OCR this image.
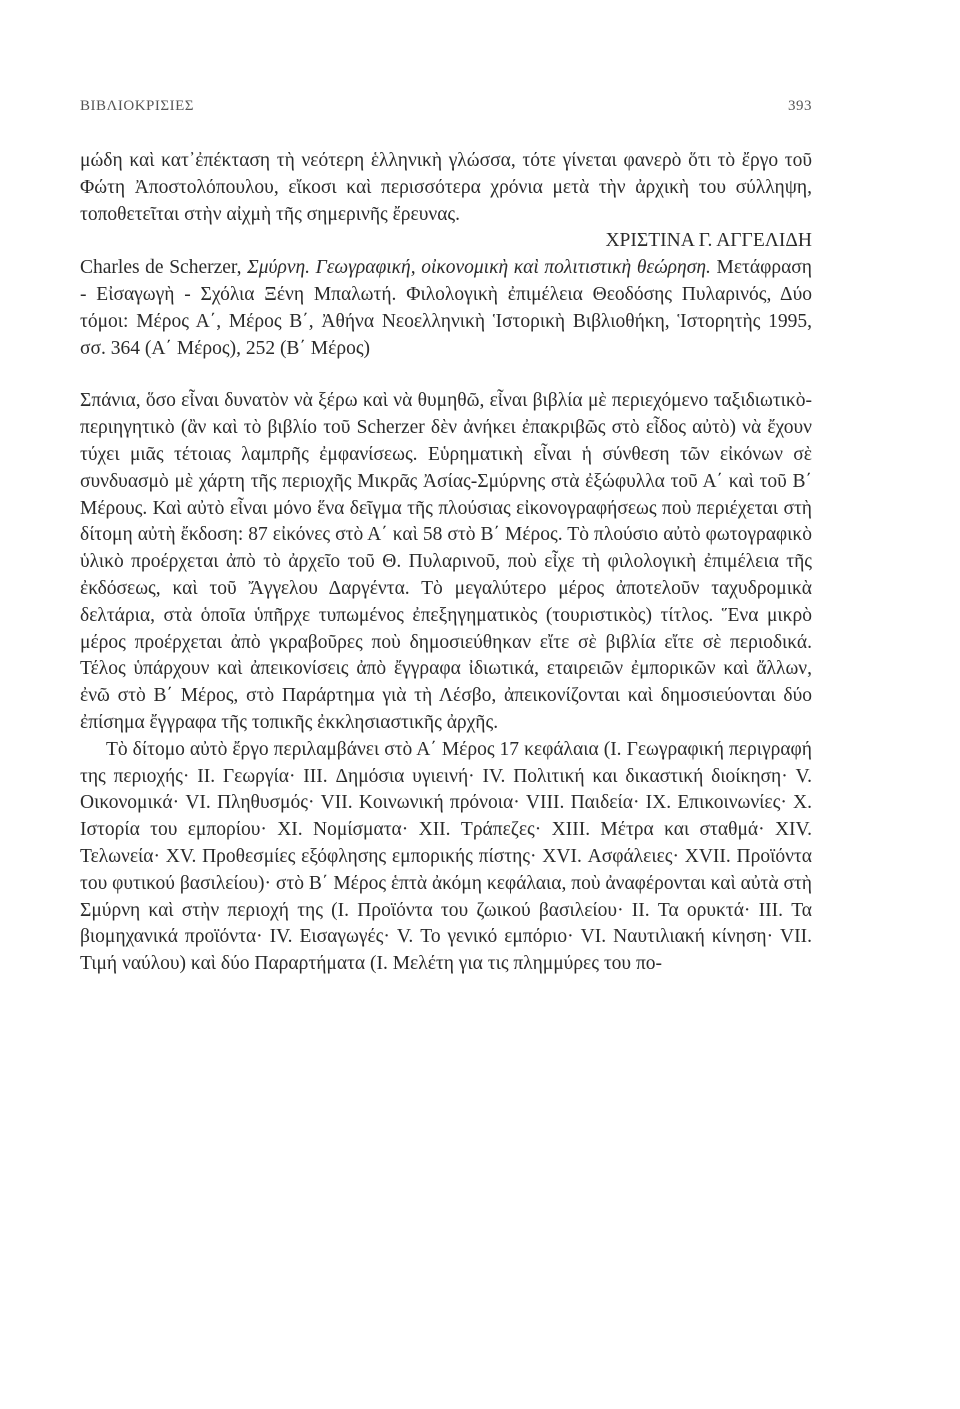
ΒΙΒΛΙΟΚΡΙΣΙΕΣ	393

μώδη καὶ κατ᾽ἐπέκταση τὴ νεότερη ἑλληνικὴ γλώσσα, τότε γίνεται φανερὸ ὅτι τὸ ἔργο τοῦ Φώτη Ἀποστολόπουλου, εἴκοσι καὶ περισσότερα χρόνια μετὰ τὴν ἀρχικὴ του σύλληψη, τοποθετεῖται στὴν αἰχμὴ τῆς σημερινῆς ἔρευνας.

ΧΡΙΣΤΙΝΑ Γ. ΑΓΓΕΛΙΔΗ

Charles de Scherzer, Σμύρνη. Γεωγραφική, οἰκονομικὴ καὶ πολιτιστικὴ θεώρηση. Μετάφραση - Εἰσαγωγὴ - Σχόλια Ξένη Μπαλωτή. Φιλολογικὴ ἐπιμέλεια Θεοδόσης Πυλαρινός, Δύο τόμοι: Μέρος Α΄, Μέρος Β΄, Ἀθήνα Νεοελληνικὴ Ἱστορικὴ Βιβλιοθήκη, Ἱστορητὴς 1995, σσ. 364 (Α΄ Μέρος), 252 (Β΄ Μέρος)

Σπάνια, ὅσο εἶναι δυνατὸν νὰ ξέρω καὶ νὰ θυμηθῶ, εἶναι βιβλία μὲ περιεχόμενο ταξιδιωτικὸ-περιηγητικὸ (ἂν καὶ τὸ βιβλίο τοῦ Scherzer δὲν ἀνήκει ἐπακριβῶς στὸ εἶδος αὐτὸ) νὰ ἔχουν τύχει μιᾶς τέτοιας λαμπρῆς ἐμφανίσεως. Εὑρηματικὴ εἶναι ἡ σύνθεση τῶν εἰκόνων σὲ συνδυασμὸ μὲ χάρτη τῆς περιοχῆς Μικρᾶς Ἀσίας-Σμύρνης στὰ ἐξώφυλλα τοῦ Α΄ καὶ τοῦ Β΄ Μέρους. Καὶ αὐτὸ εἶναι μόνο ἕνα δεῖγμα τῆς πλούσιας εἰκονογραφήσεως ποὺ περιέχεται στὴ δίτομη αὐτὴ ἔκδοση: 87 εἰκόνες στὸ Α΄ καὶ 58 στὸ Β΄ Μέρος. Τὸ πλούσιο αὐτὸ φωτογραφικὸ ὑλικὸ προέρχεται ἀπὸ τὸ ἀρχεῖο τοῦ Θ. Πυλαρινοῦ, ποὺ εἶχε τὴ φιλολογικὴ ἐπιμέλεια τῆς ἐκδόσεως, καὶ τοῦ Ἄγγελου Δαργέντα. Τὸ μεγαλύτερο μέρος ἀποτελοῦν ταχυδρομικὰ δελτάρια, στὰ ὁποῖα ὑπῆρχε τυπωμένος ἐπεξηγηματικὸς (τουριστικὸς) τίτλος. Ἕνα μικρὸ μέρος προέρχεται ἀπὸ γκραβοῦρες ποὺ δημοσιεύθηκαν εἴτε σὲ βιβλία εἴτε σὲ περιοδικά. Τέλος ὑπάρχουν καὶ ἀπεικονίσεις ἀπὸ ἔγγραφα ἰδιωτικά, εταιρειῶν ἐμπορικῶν καὶ ἄλλων, ἐνῶ στὸ Β΄ Μέρος, στὸ Παράρτημα γιὰ τὴ Λέσβο, ἀπεικονίζονται καὶ δημοσιεύονται δύο ἐπίσημα ἔγγραφα τῆς τοπικῆς ἐκκλησιαστικῆς ἀρχῆς.

Τὸ δίτομο αὐτὸ ἔργο περιλαμβάνει στὸ Α΄ Μέρος 17 κεφάλαια (Ι. Γεωγραφική περιγραφή της περιοχής· II. Γεωργία· III. Δημόσια υγιεινή· IV. Πολιτική και δικαστική διοίκηση· V. Οικονομικά· VI. Πληθυσμός· VII. Κοινωνική πρόνοια· VIII. Παιδεία· IX. Επικοινωνίες· X. Ιστορία του εμπορίου· XI. Νομίσματα· XII. Τράπεζες· XIII. Μέτρα και σταθμά· XIV. Τελωνεία· XV. Προθεσμίες εξόφλησης εμπορικής πίστης· XVI. Ασφάλειες· XVII. Προϊόντα του φυτικού βασιλείου)· στὸ Β΄ Μέρος ἑπτὰ ἀκόμη κεφάλαια, ποὺ ἀναφέρονται καὶ αὐτὰ στὴ Σμύρνη καὶ στὴν περιοχή της (Ι. Προϊόντα του ζωικού βασιλείου· II. Τα ορυκτά· III. Τα βιομηχανικά προϊόντα· IV. Εισαγωγές· V. Το γενικό εμπόριο· VI. Ναυτιλιακή κίνηση· VII. Τιμή ναύλου) καὶ δύο Παραρτήματα (Ι. Μελέτη για τις πλημμύρες του πο-
